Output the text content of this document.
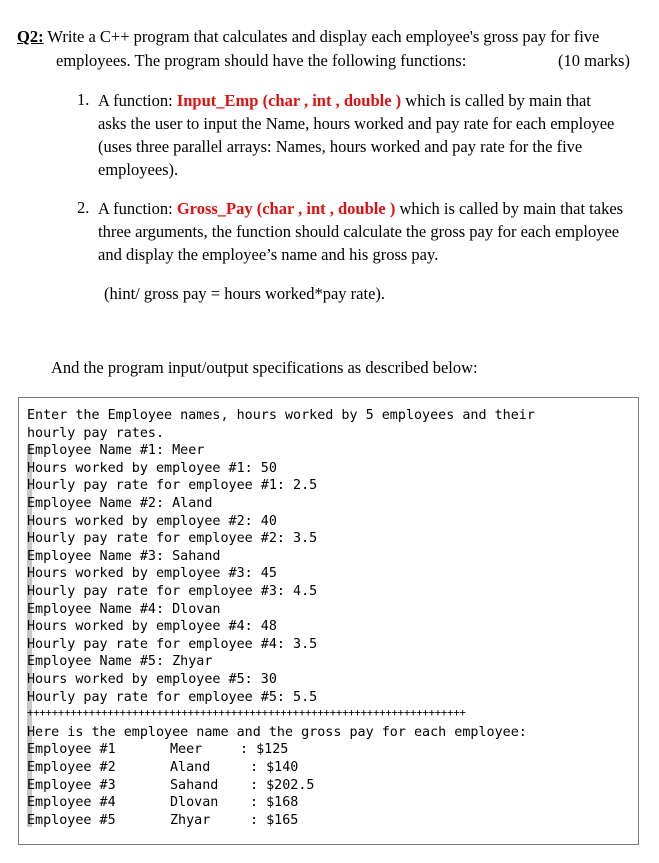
Q2: Write a C++ program that calculates and display each employee's gross pay for five
employees. The program should have the following functions:	(10 marks)
1. A function: Input_Emp (char , int , double ) which is called by main that
asks the user to input the Name, hours worked and pay rate for each employee
(uses three parallel arrays: Names, hours worked and pay rate for the five
employees).
2. A function: Gross_Pay (char , int , double ) which is called by main that takes
three arguments, the function should calculate the gross pay for each employee
and display the employee’s name and his gross pay.
(hint/ gross pay = hours worked*pay rate).
And the program input/output specifications as described below:
Enter the Employee names, hours worked by 5 employees and their
hourly pay rates.
Employee Name #1: Meer
Hours worked by employee #1: 50
Hourly pay rate for employee #1: 2.5
Employee Name #2: Aland
Hours worked by employee #2: 40
Hourly pay rate for employee #2: 3.5
Employee Name #3: Sahand
Hours worked by employee #3: 45
Hourly pay rate for employee #3: 4.5
Employee Name #4: Dlovan
Hours worked by employee #4: 48
Hourly pay rate for employee #4: 3.5
Employee Name #5: Zhyar
Hours worked by employee #5: 30
Hourly pay rate for employee #5: 5.5
+++++++++++++++++++++++++++++++++++++++++++++++++++++++++++++++++++++++
Here is the employee name and the gross pay for each employee:
Employee #1	Meer	: $125
Employee #2	Aland	: $140
Employee #3	Sahand : $202.5
Employee #4	Dlovan : $168
Employee #5	Zhyar	: $165
